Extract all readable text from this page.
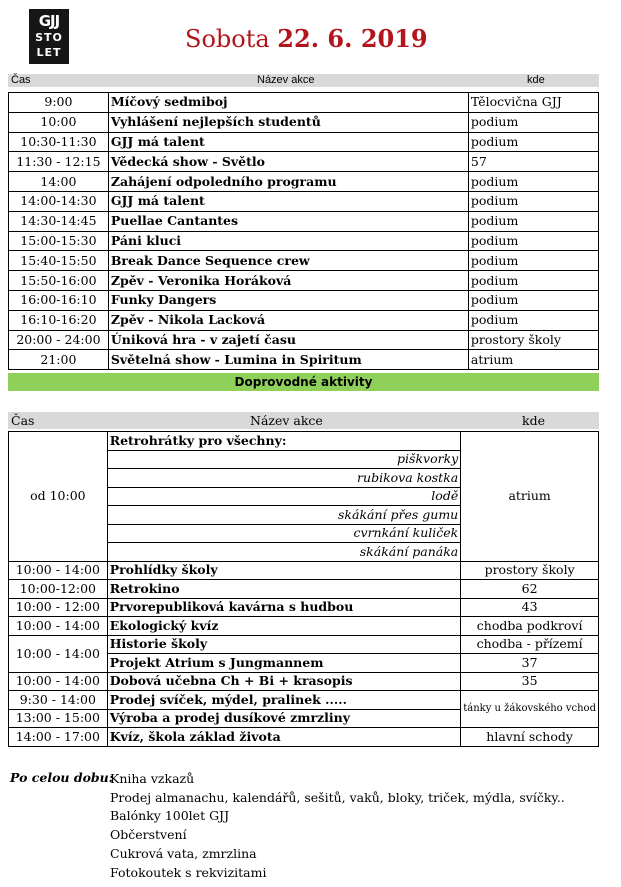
GJJ
STO
LET	Sobota 22. 6. 2019
Čas	Název akce	kde
9:00	Míčový sedmiboj	Tělocvična GJJ
10:00	Vyhlášení nejlepších studentů	podium
10:30-11:30	GJJ má talent	podium
11:30 - 12:15	Vědecká show - Světlo	57
14:00	Zahájení odpoledního programu	podium
14:00-14:30	GJJ má talent	podium
14:30-14:45	Puellae Cantantes	podium
15:00-15:30	Páni kluci	podium
15:40-15:50	Break Dance Sequence crew	podium
15:50-16:00	Zpěv - Veronika Horáková	podium
16:00-16:10	Funky Dangers	podium
16:10-16:20	Zpěv - Nikola Lacková	podium
20:00 - 24:00	Úniková hra - v zajetí času	prostory školy
21:00	Světelná show - Lumina in Spiritum	atrium
Doprovodné aktivity
Čas	Název akce	kde
od 10:00	Retrohrátky pro všechny:	atrium
	piškvorky	
	rubikova kostka	
	lodě	
	skákání přes gumu	
	cvrnkání kuliček	
	skákání panáka	
10:00 - 14:00	Prohlídky školy	prostory školy
10:00-12:00	Retrokino	62
10:00 - 12:00	Prvorepubliková kavárna s hudbou	43
10:00 - 14:00	Ekologický kvíz	chodba podkroví
10:00 - 14:00	Historie školy	chodba - přízemí
	Projekt Atrium s Jungmannem	37
10:00 - 14:00	Dobová učebna Ch + Bi + krasopis	35
9:30 - 14:00	Prodej svíček, mýdel, pralinek .....	tánky u žákovského vchod
13:00 - 15:00	Výroba a prodej dusíkové zmrzliny	
14:00 - 17:00	Kvíz, škola základ života	hlavní schody
Po celou dobu:
Kniha vzkazů
Prodej almanachu, kalendářů, sešitů, vaků, bloky, triček, mýdla, svíčky..
Balónky 100let GJJ
Občerstvení
Cukrová vata, zmrzlina
Fotokoutek s rekvizitami
